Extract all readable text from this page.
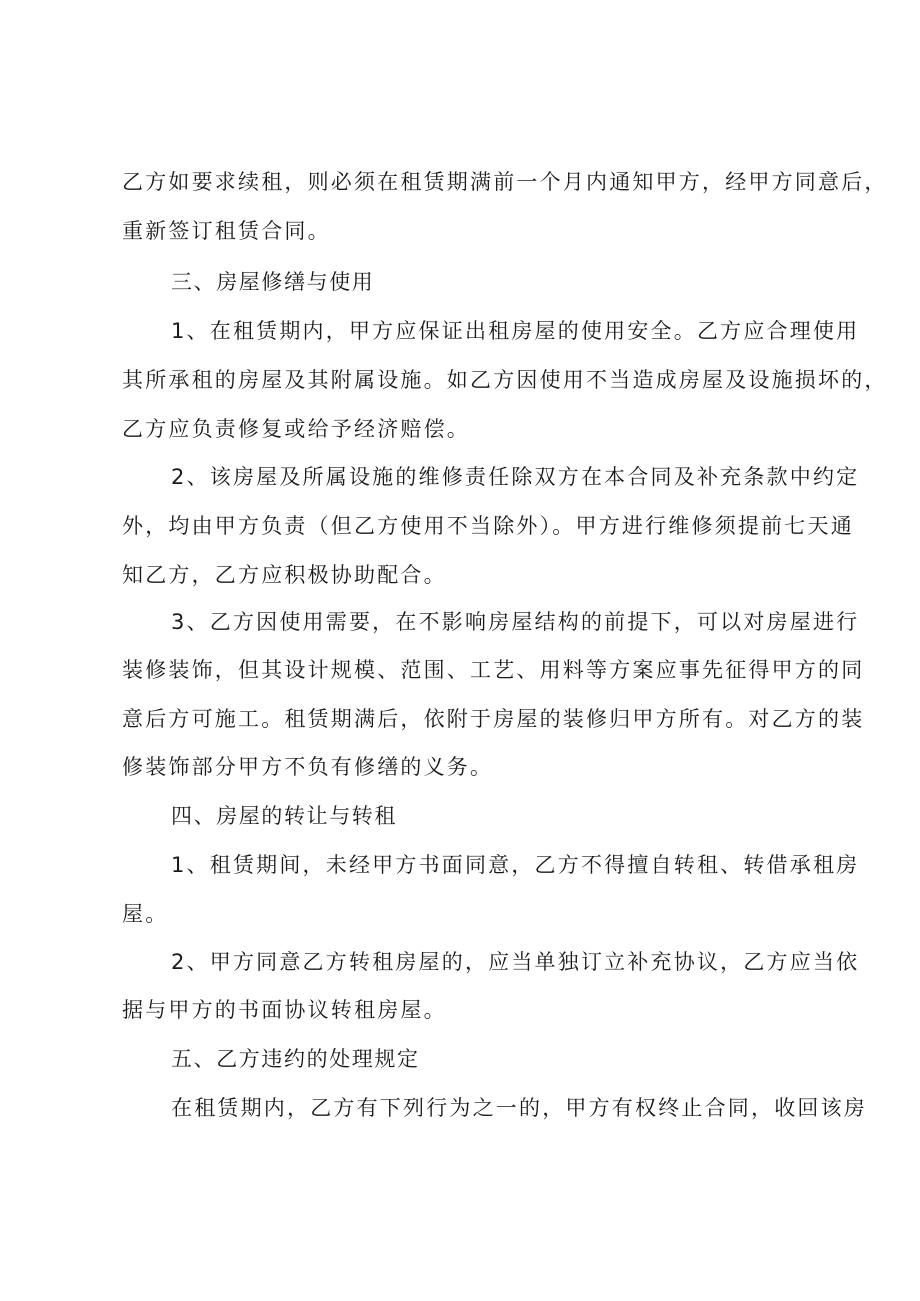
乙方如要求续租，则必须在租赁期满前一个月内通知甲方，经甲方同意后，

重新签订租赁合同。

三、房屋修缮与使用

1、在租赁期内，甲方应保证出租房屋的使用安全。乙方应合理使用

其所承租的房屋及其附属设施。如乙方因使用不当造成房屋及设施损坏的，

乙方应负责修复或给予经济赔偿。

2、该房屋及所属设施的维修责任除双方在本合同及补充条款中约定

外，均由甲方负责（但乙方使用不当除外）。甲方进行维修须提前七天通

知乙方，乙方应积极协助配合。

3、乙方因使用需要，在不影响房屋结构的前提下，可以对房屋进行

装修装饰，但其设计规模、范围、工艺、用料等方案应事先征得甲方的同

意后方可施工。租赁期满后，依附于房屋的装修归甲方所有。对乙方的装

修装饰部分甲方不负有修缮的义务。

四、房屋的转让与转租

1、租赁期间，未经甲方书面同意，乙方不得擅自转租、转借承租房

屋。

2、甲方同意乙方转租房屋的，应当单独订立补充协议，乙方应当依

据与甲方的书面协议转租房屋。

五、乙方违约的处理规定

在租赁期内，乙方有下列行为之一的，甲方有权终止合同，收回该房
